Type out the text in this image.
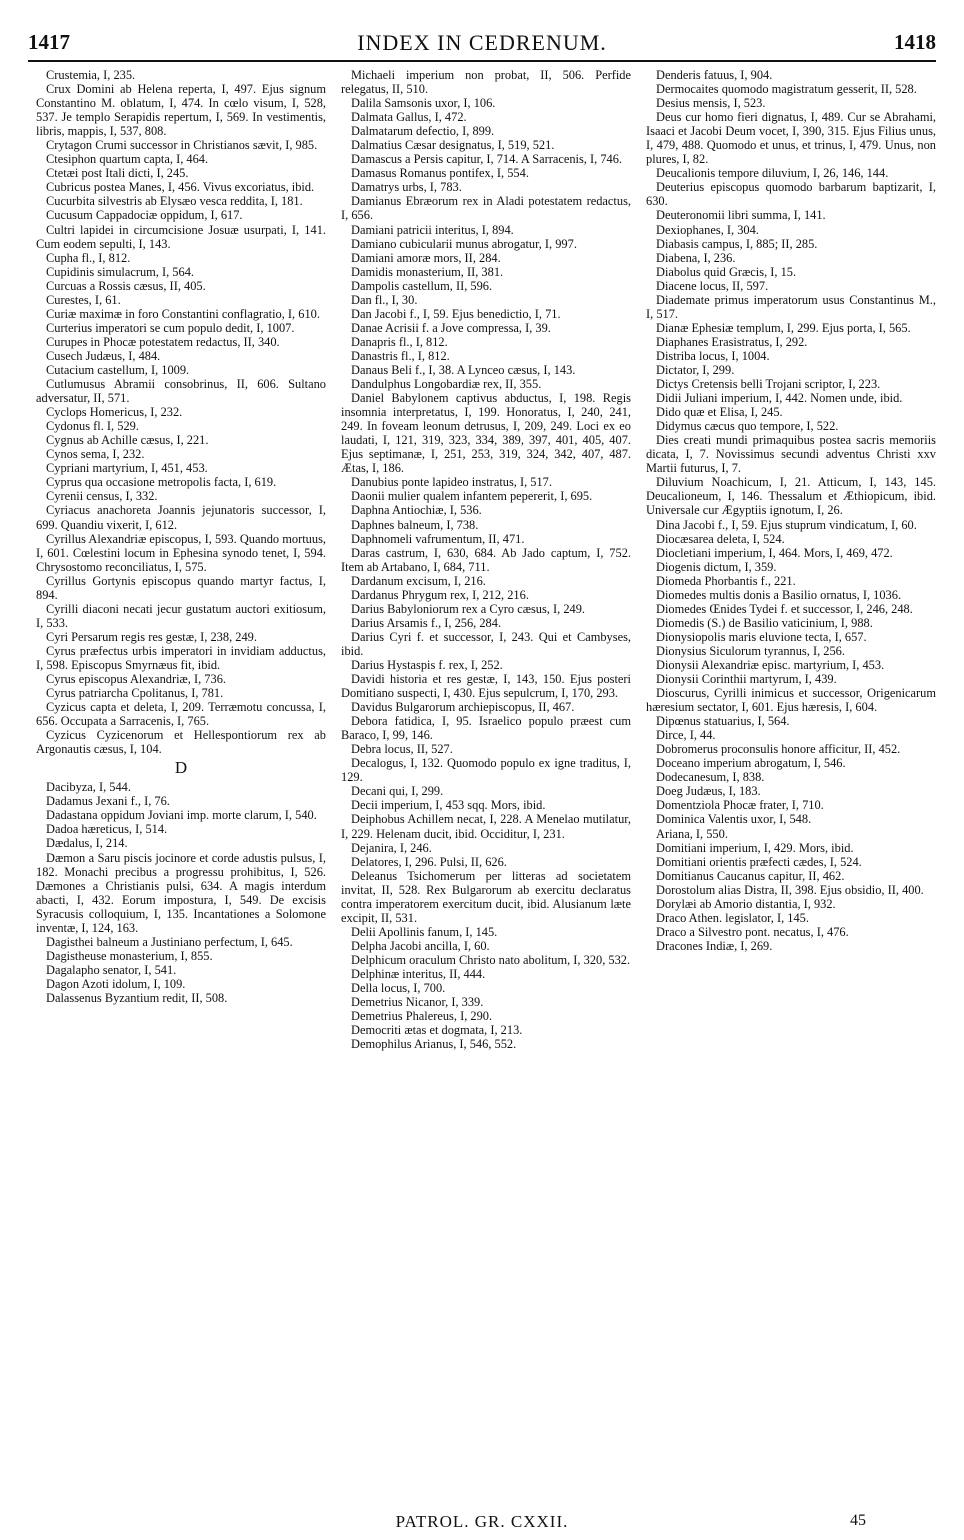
1417	INDEX IN CEDRENUM.	1418
Crustemia, I, 235.
Crux Domini ab Helena reperta, I, 497. Ejus signum Constantino M. oblatum, I, 474. In cœlo visum, I, 528, 537. Je templo Serapidis repertum, I, 569. In vestimentis, libris, mappis, I, 537, 808.
Crytagon Crumi successor in Christianos sævit, I, 985.
Ctesiphon quartum capta, I, 464.
Ctetæi post Itali dicti, I, 245.
Cubricus postea Manes, I, 456. Vivus excoriatus, ibid.
Cucurbita silvestris ab Elysæo vesca reddita, I, 181.
Cucusum Cappadociæ oppidum, I, 617.
Cultri lapidei in circumcisione Josuæ usurpati, I, 141. Cum eodem sepulti, I, 143.
Cupha fl., I, 812.
Cupidinis simulacrum, I, 564.
Curcuas a Rossis cæsus, II, 405.
Curestes, I, 61.
Curiæ maximæ in foro Constantini conflagratio, I, 610.
Curterius imperatori se cum populo dedit, I, 1007.
Curupes in Phocæ potestatem redactus, II, 340.
Cusech Judæus, I, 484.
Cutacium castellum, I, 1009.
Cutlumusus Abramii consobrinus, II, 606. Sultano adversatur, II, 571.
Cyclops Homericus, I, 232.
Cydonus fl. I, 529.
Cygnus ab Achille cæsus, I, 221.
Cynos sema, I, 232.
Cypriani martyrium, I, 451, 453.
Cyprus qua occasione metropolis facta, I, 619.
Cyrenii census, I, 332.
Cyriacus anachoreta Joannis jejunatoris successor, I, 699. Quandiu vixerit, I, 612.
Cyrillus Alexandriæ episcopus, I, 593. Quando mortuus, I, 601. Cœlestini locum in Ephesina synodo tenet, I, 594. Chrysostomo reconciliatus, I, 575.
Cyrillus Gortynis episcopus quando martyr factus, I, 894.
Cyrilli diaconi necati jecur gustatum auctori exitiosum, I, 533.
Cyri Persarum regis res gestæ, I, 238, 249.
Cyrus præfectus urbis imperatori in invidiam adductus, I, 598. Episcopus Smyrnæus fit, ibid.
Cyrus episcopus Alexandriæ, I, 736.
Cyrus patriarcha Cpolitanus, I, 781.
Cyzicus capta et deleta, I, 209. Terræmotu concussa, I, 656. Occupata a Sarracenis, I, 765.
Cyzicus Cyzicenorum et Hellespontiorum rex ab Argonautis cæsus, I, 104.
D
Dacibyza, I, 544.
Dadamus Jexani f., I, 76.
Dadastana oppidum Joviani imp. morte clarum, I, 540.
Dadoa hæreticus, I, 514.
Dædalus, I, 214.
Dæmon a Saru piscis jocinore et corde adustis pulsus, I, 182. Monachi precibus a progressu prohibitus, I, 526. Dæmones a Christianis pulsi, 634. A magis interdum abacti, I, 432. Eorum impostura, I, 549. De excisis Syracusis colloquium, I, 135. Incantationes a Solomone inventæ, I, 124, 163.
Dagisthei balneum a Justiniano perfectum, I, 645.
Dagistheuse monasterium, I, 855.
Dagalapho senator, I, 541.
Dagon Azoti idolum, I, 109.
Dalassenus Byzantium redit, II, 508.
Michaeli imperium non probat, II, 506. Perfide relegatus, II, 510.
Dalila Samsonis uxor, I, 106.
Dalmata Gallus, I, 472.
Dalmatarum defectio, I, 899.
Dalmatius Cæsar designatus, I, 519, 521.
Damascus a Persis capitur, I, 714. A Sarracenis, I, 746.
Damasus Romanus pontifex, I, 554.
Damatrys urbs, I, 783.
Damianus Ebræorum rex in Aladi potestatem redactus, I, 656.
Damiani patricii interitus, I, 894.
Damiano cubicularii munus abrogatur, I, 997.
Damiani amoræ mors, II, 284.
Damidis monasterium, II, 381.
Dampolis castellum, II, 596.
Dan fl., I, 30.
Dan Jacobi f., I, 59. Ejus benedictio, I, 71.
Danae Acrisii f. a Jove compressa, I, 39.
Danapris fl., I, 812.
Danastris fl., I, 812.
Danaus Beli f., I, 38. A Lynceo cæsus, I, 143.
Dandulphus Longobardiæ rex, II, 355.
Daniel Babylonem captivus abductus, I, 198. Regis insomnia interpretatus, I, 199. Honoratus, I, 240, 241, 249. In foveam leonum detrusus, I, 209, 249. Loci ex eo laudati, I, 121, 319, 323, 334, 389, 397, 401, 405, 407. Ejus septimanæ, I, 251, 253, 319, 324, 342, 407, 487. Ætas, I, 186.
Danubius ponte lapideo instratus, I, 517.
Daonii mulier qualem infantem pepererit, I, 695.
Daphna Antiochiæ, I, 536.
Daphnes balneum, I, 738.
Daphnomeli vafrumentum, II, 471.
Daras castrum, I, 630, 684. Ab Jado captum, I, 752. Item ab Artabano, I, 684, 711.
Dardanum excisum, I, 216.
Dardanus Phrygum rex, I, 212, 216.
Darius Babyloniorum rex a Cyro cæsus, I, 249.
Darius Arsamis f., I, 256, 284.
Darius Cyri f. et successor, I, 243. Qui et Cambyses, ibid.
Darius Hystaspis f. rex, I, 252.
Davidi historia et res gestæ, I, 143, 150. Ejus posteri Domitiano suspecti, I, 430. Ejus sepulcrum, I, 170, 293.
Davidus Bulgarorum archiepiscopus, II, 467.
Debora fatidica, I, 95. Israelico populo præest cum Baraco, I, 99, 146.
Debra locus, II, 527.
Decalogus, I, 132. Quomodo populo ex igne traditus, I, 129.
Decani qui, I, 299.
Decii imperium, I, 453 sqq. Mors, ibid.
Deiphobus Achillem necat, I, 228. A Menelao mutilatur, I, 229. Helenam ducit, ibid. Occiditur, I, 231.
Dejanira, I, 246.
Delatores, I, 296. Pulsi, II, 626.
Deleanus Tsichomerum per litteras ad societatem invitat, II, 528. Rex Bulgarorum ab exercitu declaratus contra imperatorem exercitum ducit, ibid. Alusianum læte excipit, II, 531.
Delii Apollinis fanum, I, 145.
Delpha Jacobi ancilla, I, 60.
Delphicum oraculum Christo nato abolitum, I, 320, 532.
Delphinæ interitus, II, 444.
Della locus, I, 700.
Demetrius Nicanor, I, 339.
Demetrius Phalereus, I, 290.
Democriti ætas et dogmata, I, 213.
Demophilus Arianus, I, 546, 552.
Denderis fatuus, I, 904.
Dermocaites quomodo magistratum gesserit, II, 528.
Desius mensis, I, 523.
Deus cur homo fieri dignatus, I, 489. Cur se Abrahami, Isaaci et Jacobi Deum vocet, I, 390, 315. Ejus Filius unus, I, 479, 488. Quomodo et unus, et trinus, I, 479. Unus, non plures, I, 82.
Deucalionis tempore diluvium, I, 26, 146, 144.
Deuterius episcopus quomodo barbarum baptizarit, I, 630.
Deuteronomii libri summa, I, 141.
Dexiophanes, I, 304.
Diabasis campus, I, 885; II, 285.
Diabena, I, 236.
Diabolus quid Græcis, I, 15.
Diacene locus, II, 597.
Diademate primus imperatorum usus Constantinus M., I, 517.
Dianæ Ephesiæ templum, I, 299. Ejus porta, I, 565.
Diaphanes Erasistratus, I, 292.
Distriba locus, I, 1004.
Dictator, I, 299.
Dictys Cretensis belli Trojani scriptor, I, 223.
Didii Juliani imperium, I, 442. Nomen unde, ibid.
Dido quæ et Elisa, I, 245.
Didymus cæcus quo tempore, I, 522.
Dies creati mundi primaquibus postea sacris memoriis dicata, I, 7. Novissimus secundi adventus Christi xxv Martii futurus, I, 7.
Diluvium Noachicum, I, 21. Atticum, I, 143, 145. Deucalioneum, I, 146. Thessalum et Æthiopicum, ibid. Universale cur Ægyptiis ignotum, I, 26.
Dina Jacobi f., I, 59. Ejus stuprum vindicatum, I, 60.
Diocæsarea deleta, I, 524.
Diocletiani imperium, I, 464. Mors, I, 469, 472.
Diogenis dictum, I, 359.
Diomeda Phorbantis f., 221.
Diomedes multis donis a Basilio ornatus, I, 1036.
Diomedes Œnides Tydei f. et successor, I, 246, 248.
Diomedis (S.) de Basilio vaticinium, I, 988.
Dionysiopolis maris eluvione tecta, I, 657.
Dionysius Siculorum tyrannus, I, 256.
Dionysii Alexandriæ episc. martyrium, I, 453.
Dionysii Corinthii martyrum, I, 439.
Dioscurus, Cyrilli inimicus et successor, Origenicarum hæresium sectator, I, 601. Ejus hæresis, I, 604.
Dipœnus statuarius, I, 564.
Dirce, I, 44.
Dobromerus proconsulis honore afficitur, II, 452.
Doceano imperium abrogatum, I, 546.
Dodecanesum, I, 838.
Doeg Judæus, I, 183.
Domentziola Phocæ frater, I, 710.
Dominica Valentis uxor, I, 548.
Ariana, I, 550.
Domitiani imperium, I, 429. Mors, ibid.
Domitiani orientis præfecti cædes, I, 524.
Domitianus Caucanus capitur, II, 462.
Dorostolum alias Distra, II, 398. Ejus obsidio, II, 400.
Dorylæi ab Amorio distantia, I, 932.
Draco Athen. legislator, I, 145.
Draco a Silvestro pont. necatus, I, 476.
Dracones Indiæ, I, 269.
PATROL. GR. CXXII.	45
